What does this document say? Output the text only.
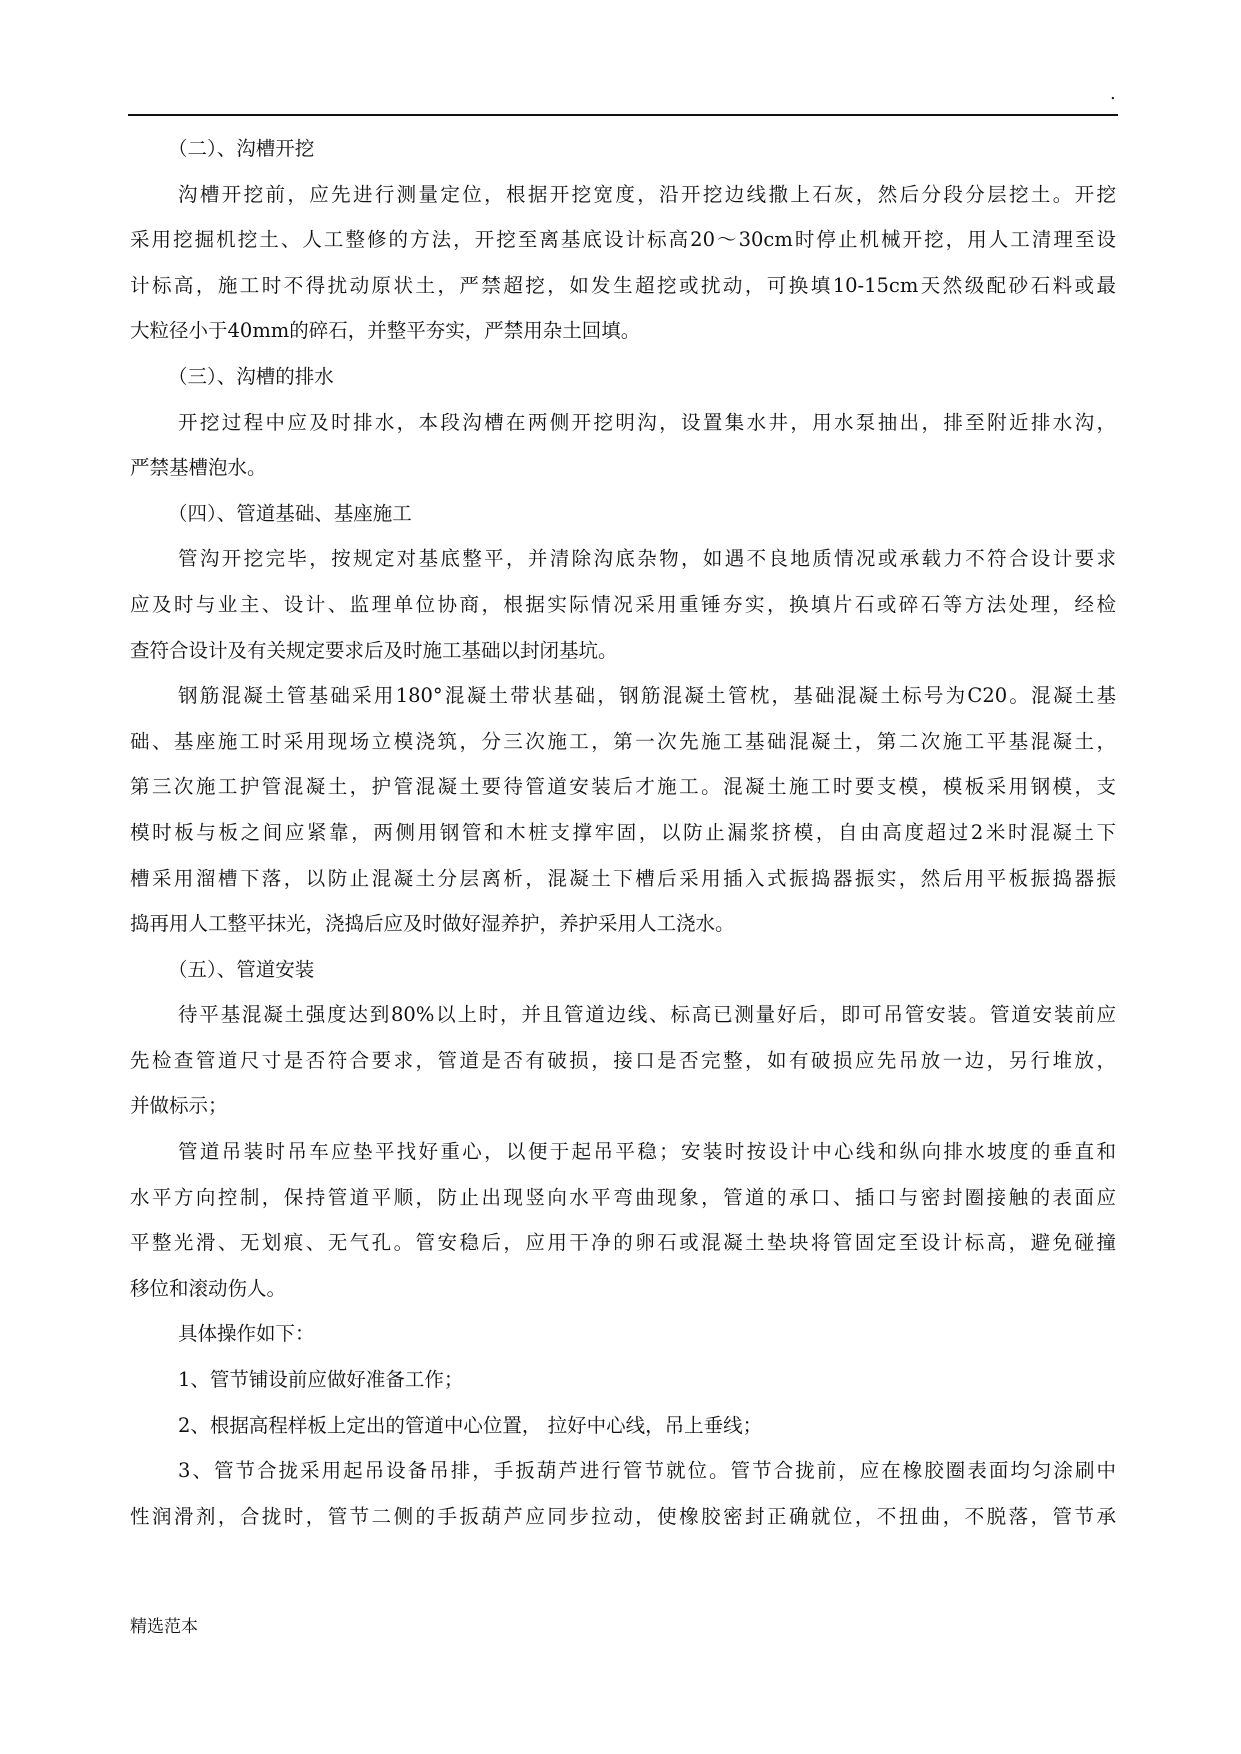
.
（二）、沟槽开挖
沟槽开挖前，应先进行测量定位，根据开挖宽度，沿开挖边线撒上石灰，然后分段分层挖土。开挖
采用挖掘机挖土、人工整修的方法，开挖至离基底设计标高20～30cm时停止机械开挖，用人工清理至设
计标高，施工时不得扰动原状土，严禁超挖，如发生超挖或扰动，可换填10-15cm天然级配砂石料或最
大粒径小于40mm的碎石，并整平夯实，严禁用杂土回填。
（三）、沟槽的排水
开挖过程中应及时排水，本段沟槽在两侧开挖明沟，设置集水井，用水泵抽出，排至附近排水沟，
严禁基槽泡水。
（四）、管道基础、基座施工
管沟开挖完毕，按规定对基底整平，并清除沟底杂物，如遇不良地质情况或承载力不符合设计要求
应及时与业主、设计、监理单位协商，根据实际情况采用重锤夯实，换填片石或碎石等方法处理，经检
查符合设计及有关规定要求后及时施工基础以封闭基坑。
钢筋混凝土管基础采用180°混凝土带状基础，钢筋混凝土管枕，基础混凝土标号为C20。混凝土基
础、基座施工时采用现场立模浇筑，分三次施工，第一次先施工基础混凝土，第二次施工平基混凝土，
第三次施工护管混凝土，护管混凝土要待管道安装后才施工。混凝土施工时要支模，模板采用钢模，支
模时板与板之间应紧靠，两侧用钢管和木桩支撑牢固，以防止漏浆挤模，自由高度超过2米时混凝土下
槽采用溜槽下落，以防止混凝土分层离析，混凝土下槽后采用插入式振捣器振实，然后用平板振捣器振
捣再用人工整平抹光，浇捣后应及时做好湿养护，养护采用人工浇水。
（五）、管道安装
待平基混凝土强度达到80%以上时，并且管道边线、标高已测量好后，即可吊管安装。管道安装前应
先检查管道尺寸是否符合要求，管道是否有破损，接口是否完整，如有破损应先吊放一边，另行堆放，
并做标示；
管道吊装时吊车应垫平找好重心，以便于起吊平稳；安装时按设计中心线和纵向排水坡度的垂直和
水平方向控制，保持管道平顺，防止出现竖向水平弯曲现象，管道的承口、插口与密封圈接触的表面应
平整光滑、无划痕、无气孔。管安稳后，应用干净的卵石或混凝土垫块将管固定至设计标高，避免碰撞
移位和滚动伤人。
具体操作如下：
1、管节铺设前应做好准备工作；
2、根据高程样板上定出的管道中心位置， 拉好中心线，吊上垂线；
3、管节合拢采用起吊设备吊排，手扳葫芦进行管节就位。管节合拢前，应在橡胶圈表面均匀涂刷中
性润滑剂，合拢时，管节二侧的手扳葫芦应同步拉动，使橡胶密封正确就位，不扭曲，不脱落，管节承
精选范本
